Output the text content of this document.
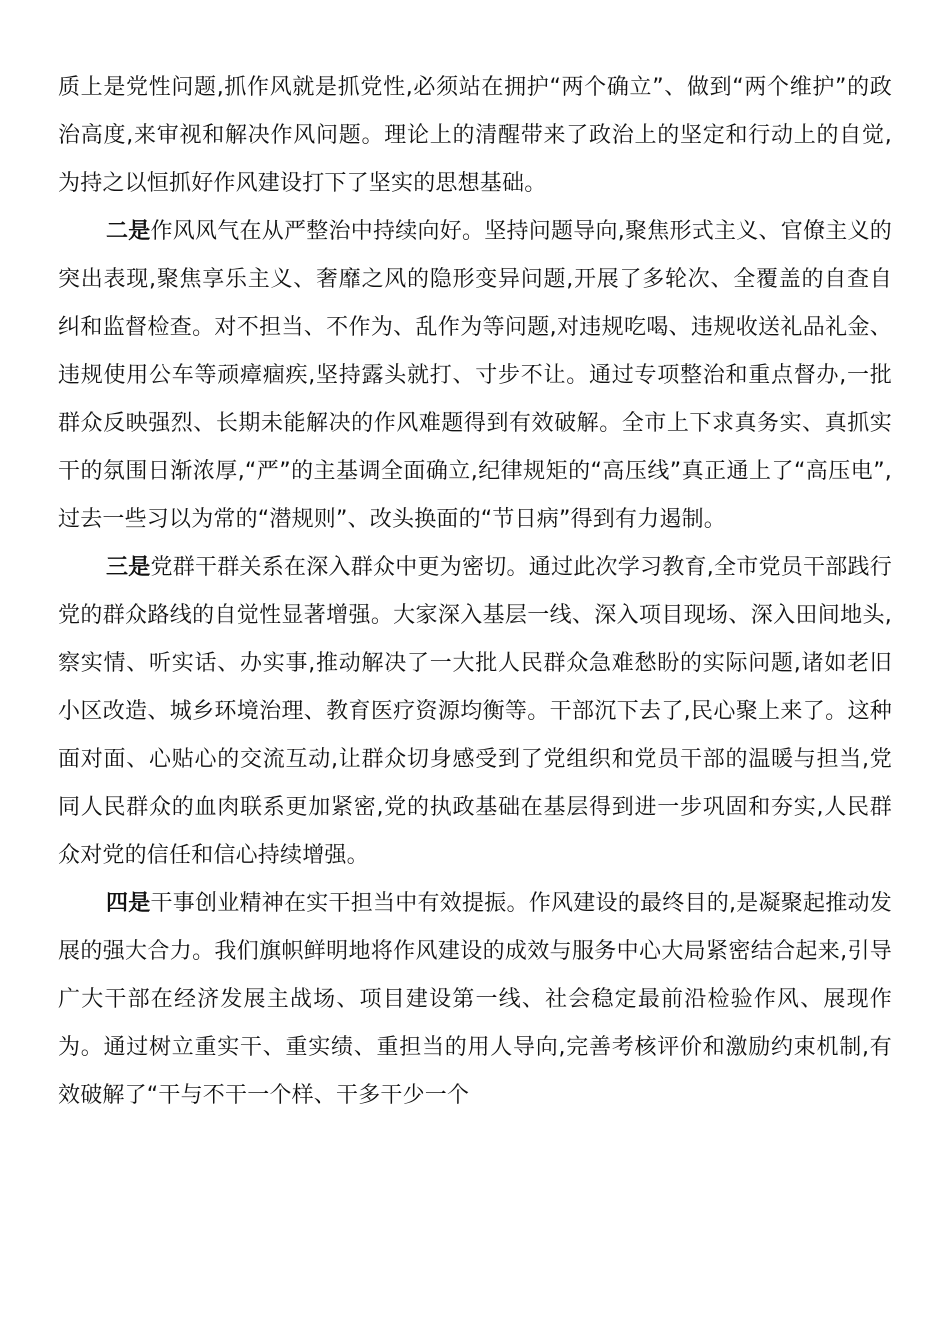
质上是党性问题,抓作风就是抓党性,必须站在拥护“两个确立”、做到“两个维护”的政治高度,来审视和解决作风问题。理论上的清醒带来了政治上的坚定和行动上的自觉,为持之以恒抓好作风建设打下了坚实的思想基础。

二是作风风气在从严整治中持续向好。坚持问题导向,聚焦形式主义、官僚主义的突出表现,聚焦享乐主义、奢靡之风的隐形变异问题,开展了多轮次、全覆盖的自查自纠和监督检查。对不担当、不作为、乱作为等问题,对违规吃喝、违规收送礼品礼金、违规使用公车等顽瘴痼疾,坚持露头就打、寸步不让。通过专项整治和重点督办,一批群众反映强烈、长期未能解决的作风难题得到有效破解。全市上下求真务实、真抓实干的氛围日渐浓厚,“严”的主基调全面确立,纪律规矩的“高压线”真正通上了“高压电”,过去一些习以为常的“潜规则”、改头换面的“节日病”得到有力遏制。

三是党群干群关系在深入群众中更为密切。通过此次学习教育,全市党员干部践行党的群众路线的自觉性显著增强。大家深入基层一线、深入项目现场、深入田间地头,察实情、听实话、办实事,推动解决了一大批人民群众急难愁盼的实际问题,诸如老旧小区改造、城乡环境治理、教育医疗资源均衡等。干部沉下去了,民心聚上来了。这种面对面、心贴心的交流互动,让群众切身感受到了党组织和党员干部的温暖与担当,党同人民群众的血肉联系更加紧密,党的执政基础在基层得到进一步巩固和夯实,人民群众对党的信任和信心持续增强。

四是干事创业精神在实干担当中有效提振。作风建设的最终目的,是凝聚起推动发展的强大合力。我们旗帜鲜明地将作风建设的成效与服务中心大局紧密结合起来,引导广大干部在经济发展主战场、项目建设第一线、社会稳定最前沿检验作风、展现作为。通过树立重实干、重实绩、重担当的用人导向,完善考核评价和激励约束机制,有效破解了“干与不干一个样、干多干少一个
